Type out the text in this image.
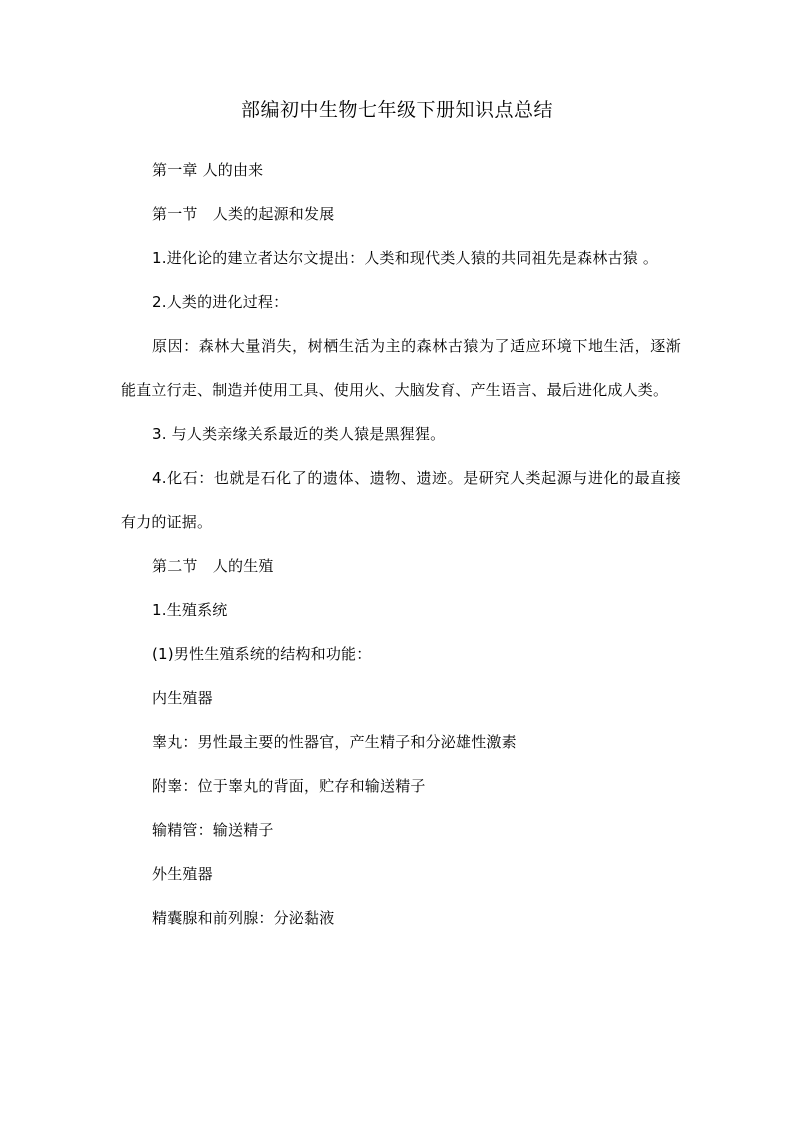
部编初中生物七年级下册知识点总结

第一章 人的由来

第一节　人类的起源和发展

1.进化论的建立者达尔文提出：人类和现代类人猿的共同祖先是森林古猿 。

2.人类的进化过程：

原因：森林大量消失，树栖生活为主的森林古猿为了适应环境下地生活，逐渐能直立行走、制造并使用工具、使用火、大脑发育、产生语言、最后进化成人类。

3. 与人类亲缘关系最近的类人猿是黑猩猩。

4.化石：也就是石化了的遗体、遗物、遗迹。是研究人类起源与进化的最直接有力的证据。

第二节　人的生殖

1.生殖系统

(1)男性生殖系统的结构和功能：

内生殖器

睾丸：男性最主要的性器官，产生精子和分泌雄性激素

附睾：位于睾丸的背面，贮存和输送精子

输精管：输送精子

外生殖器

精囊腺和前列腺：分泌黏液
